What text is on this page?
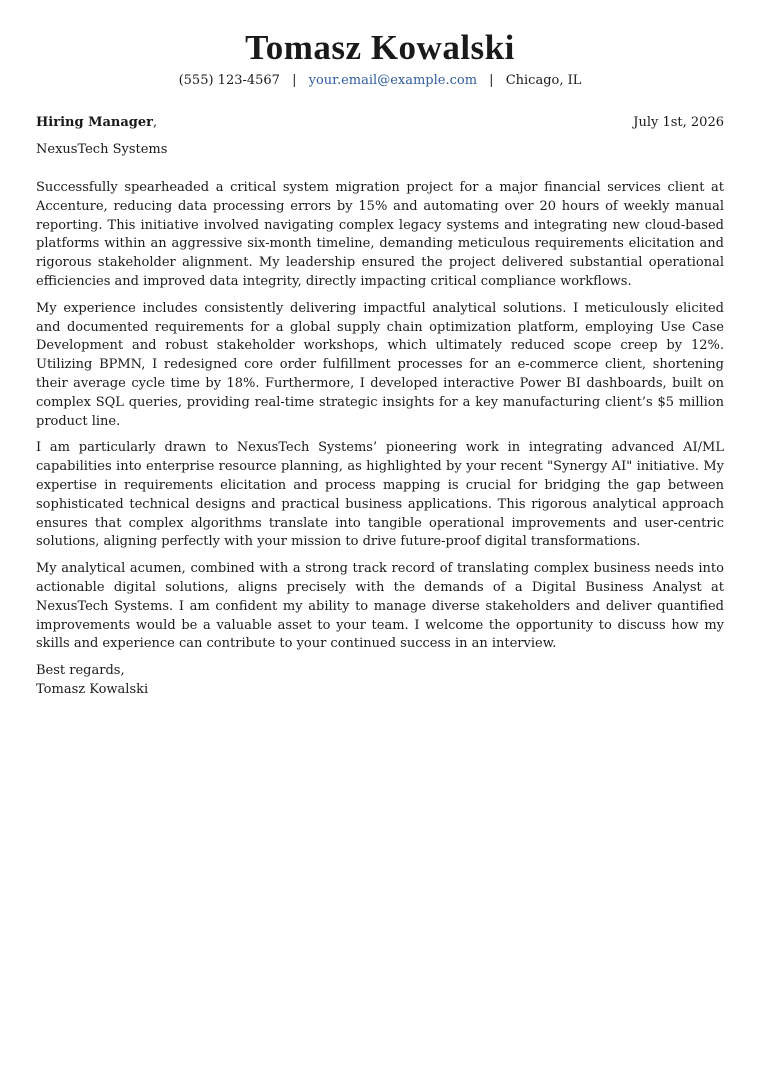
Tomasz Kowalski
(555) 123-4567 | your.email@example.com | Chicago, IL
Hiring Manager,	July 1st, 2026
NexusTech Systems

Successfully spearheaded a critical system migration project for a major financial services client at Accenture, reducing data processing errors by 15% and automating over 20 hours of weekly manual reporting. This initiative involved navigating complex legacy systems and integrating new cloud-based platforms within an aggressive six-month timeline, demanding meticulous requirements elicitation and rigorous stakeholder alignment. My leadership ensured the project delivered substantial operational efficiencies and improved data integrity, directly impacting critical compliance workflows.

My experience includes consistently delivering impactful analytical solutions. I meticulously elicited and documented requirements for a global supply chain optimization platform, employing Use Case Development and robust stakeholder workshops, which ultimately reduced scope creep by 12%. Utilizing BPMN, I redesigned core order fulfillment processes for an e-commerce client, shortening their average cycle time by 18%. Furthermore, I developed interactive Power BI dashboards, built on complex SQL queries, providing real-time strategic insights for a key manufacturing client’s $5 million product line.

I am particularly drawn to NexusTech Systems’ pioneering work in integrating advanced AI/ML capabilities into enterprise resource planning, as highlighted by your recent "Synergy AI" initiative. My expertise in requirements elicitation and process mapping is crucial for bridging the gap between sophisticated technical designs and practical business applications. This rigorous analytical approach ensures that complex algorithms translate into tangible operational improvements and user-centric solutions, aligning perfectly with your mission to drive future-proof digital transformations.

My analytical acumen, combined with a strong track record of translating complex business needs into actionable digital solutions, aligns precisely with the demands of a Digital Business Analyst at NexusTech Systems. I am confident my ability to manage diverse stakeholders and deliver quantified improvements would be a valuable asset to your team. I welcome the opportunity to discuss how my skills and experience can contribute to your continued success in an interview.

Best regards,
Tomasz Kowalski
